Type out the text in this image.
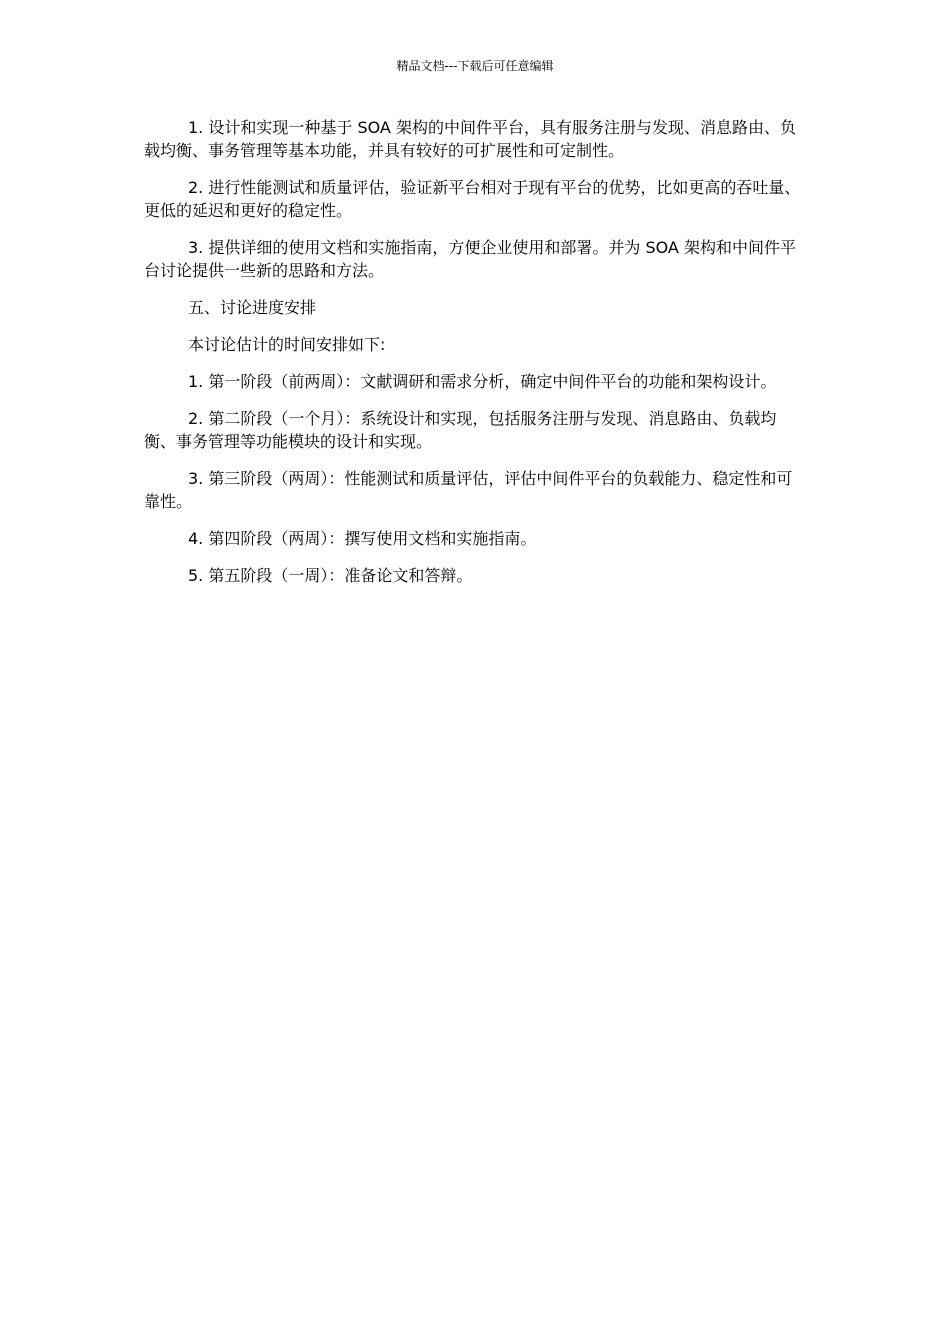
精品文档---下载后可任意编辑

1. 设计和实现一种基于 SOA 架构的中间件平台，具有服务注册与发现、消息路由、负载均衡、事务管理等基本功能，并具有较好的可扩展性和可定制性。

2. 进行性能测试和质量评估，验证新平台相对于现有平台的优势，比如更高的吞吐量、更低的延迟和更好的稳定性。

3. 提供详细的使用文档和实施指南，方便企业使用和部署。并为 SOA 架构和中间件平台讨论提供一些新的思路和方法。

五、讨论进度安排

本讨论估计的时间安排如下:

1. 第一阶段（前两周）：文献调研和需求分析，确定中间件平台的功能和架构设计。

2. 第二阶段（一个月）：系统设计和实现，包括服务注册与发现、消息路由、负载均衡、事务管理等功能模块的设计和实现。

3. 第三阶段（两周）：性能测试和质量评估，评估中间件平台的负载能力、稳定性和可靠性。

4. 第四阶段（两周）：撰写使用文档和实施指南。

5. 第五阶段（一周）：准备论文和答辩。
